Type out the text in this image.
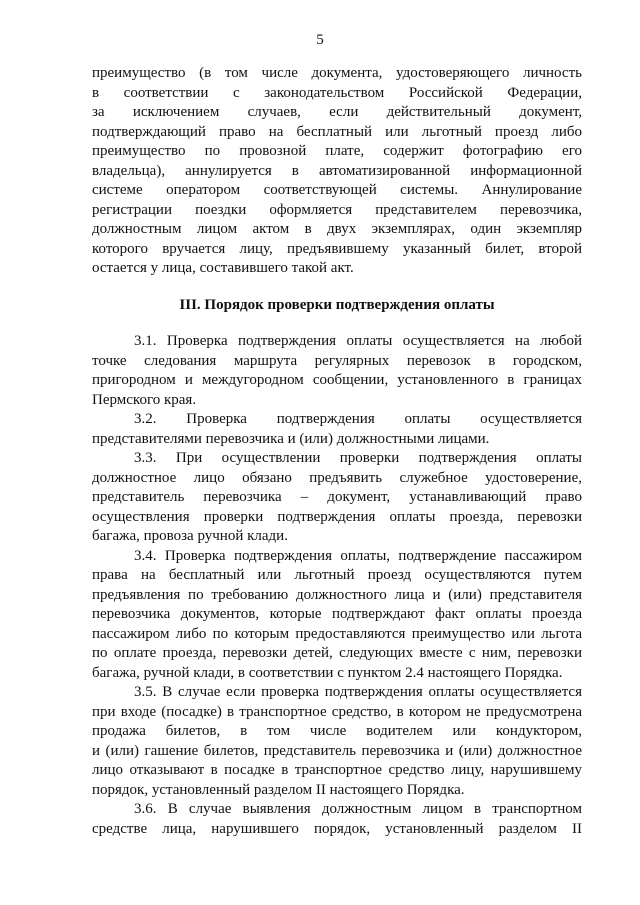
5

преимущество (в том числе документа, удостоверяющего личность
в соответствии с законодательством Российской Федерации,
за исключением случаев, если действительный документ,
подтверждающий право на бесплатный или льготный проезд либо
преимущество по провозной плате, содержит фотографию его
владельца), аннулируется в автоматизированной информационной
системе оператором соответствующей системы. Аннулирование
регистрации поездки оформляется представителем перевозчика,
должностным лицом актом в двух экземплярах, один экземпляр
которого вручается лицу, предъявившему указанный билет, второй
остается у лица, составившего такой акт.

III. Порядок проверки подтверждения оплаты

3.1. Проверка подтверждения оплаты осуществляется на любой
точке следования маршрута регулярных перевозок в городском,
пригородном и междугородном сообщении, установленного в границах
Пермского края.

3.2. Проверка подтверждения оплаты осуществляется
представителями перевозчика и (или) должностными лицами.

3.3. При осуществлении проверки подтверждения оплаты
должностное лицо обязано предъявить служебное удостоверение,
представитель перевозчика – документ, устанавливающий право
осуществления проверки подтверждения оплаты проезда, перевозки
багажа, провоза ручной клади.

3.4. Проверка подтверждения оплаты, подтверждение пассажиром
права на бесплатный или льготный проезд осуществляются путем
предъявления по требованию должностного лица и (или) представителя
перевозчика документов, которые подтверждают факт оплаты проезда
пассажиром либо по которым предоставляются преимущество или льгота
по оплате проезда, перевозки детей, следующих вместе с ним, перевозки
багажа, ручной клади, в соответствии с пунктом 2.4 настоящего Порядка.

3.5. В случае если проверка подтверждения оплаты осуществляется
при входе (посадке) в транспортное средство, в котором не предусмотрена
продажа билетов, в том числе водителем или кондуктором,
и (или) гашение билетов, представитель перевозчика и (или) должностное
лицо отказывают в посадке в транспортное средство лицу, нарушившему
порядок, установленный разделом II настоящего Порядка.

3.6. В случае выявления должностным лицом в транспортном
средстве лица, нарушившего порядок, установленный разделом II
